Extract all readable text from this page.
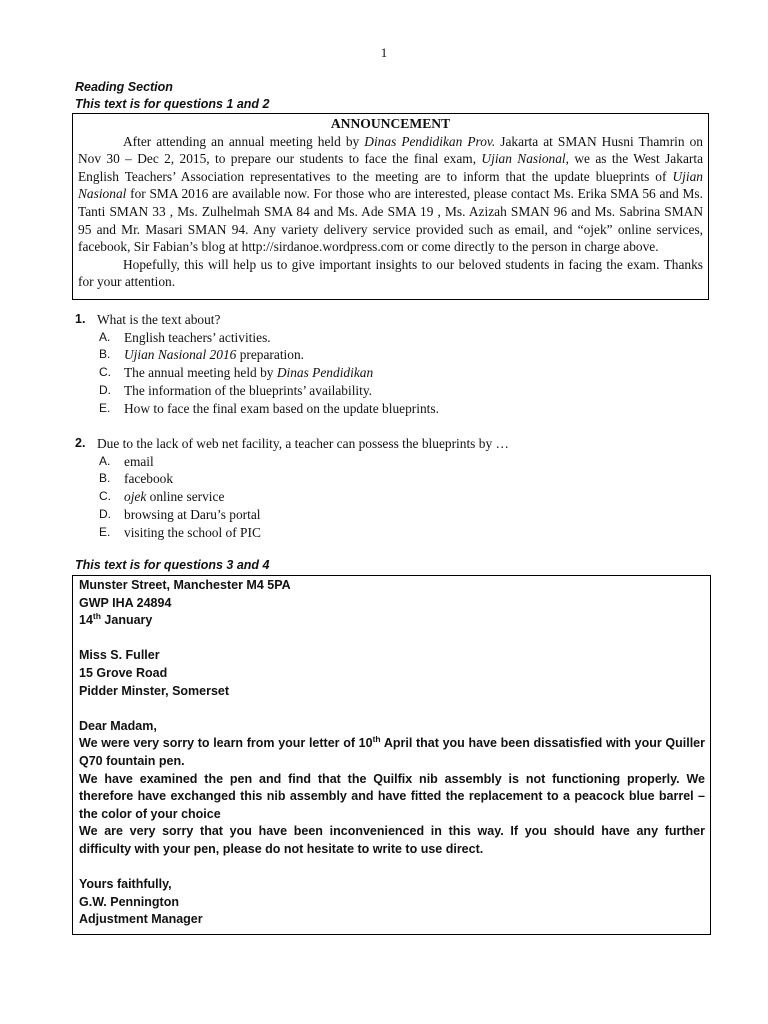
1
Reading Section
This text is for questions 1 and 2
ANNOUNCEMENT

After attending an annual meeting held by Dinas Pendidikan Prov. Jakarta at SMAN Husni Thamrin on Nov 30 – Dec 2, 2015, to prepare our students to face the final exam, Ujian Nasional, we as the West Jakarta English Teachers’ Association representatives to the meeting are to inform that the update blueprints of Ujian Nasional for SMA 2016 are available now. For those who are interested, please contact Ms. Erika SMA 56 and Ms. Tanti SMAN 33 , Ms. Zulhelmah SMA 84 and Ms. Ade SMA 19 , Ms. Azizah SMAN 96 and Ms. Sabrina SMAN 95 and Mr. Masari SMAN 94. Any variety delivery service provided such as email, and “ojek” online services, facebook, Sir Fabian’s blog at http://sirdanoe.wordpress.com or come directly to the person in charge above.

Hopefully, this will help us to give important insights to our beloved students in facing the exam. Thanks for your attention.

1. What is the text about?
A.	English teachers’ activities.
B.	Ujian Nasional 2016 preparation.
C. The annual meeting held by Dinas Pendidikan
D. The information of the blueprints’ availability.
E.	How to face the final exam based on the update blueprints.
2. Due to the lack of web net facility, a teacher can possess the blueprints by …
A.	email
B.	facebook
C. ojek online service
D. browsing at Daru’s portal
E.	visiting the school of PIC
This text is for questions 3 and 4
Munster Street, Manchester M4 5PA
GWP IHA 24894
14th January
Miss S. Fuller
15 Grove Road
Pidder Minster, Somerset
Dear Madam,
We were very sorry to learn from your letter of 10th April that you have been dissatisfied with your Quiller Q70 fountain pen.
We have examined the pen and find that the Quilfix nib assembly is not functioning properly. We therefore have exchanged this nib assembly and have fitted the replacement to a peacock blue barrel – the color of your choice
We are very sorry that you have been inconvenienced in this way. If you should have any further difficulty with your pen, please do not hesitate to write to use direct.
Yours faithfully,
G.W. Pennington
Adjustment Manager
